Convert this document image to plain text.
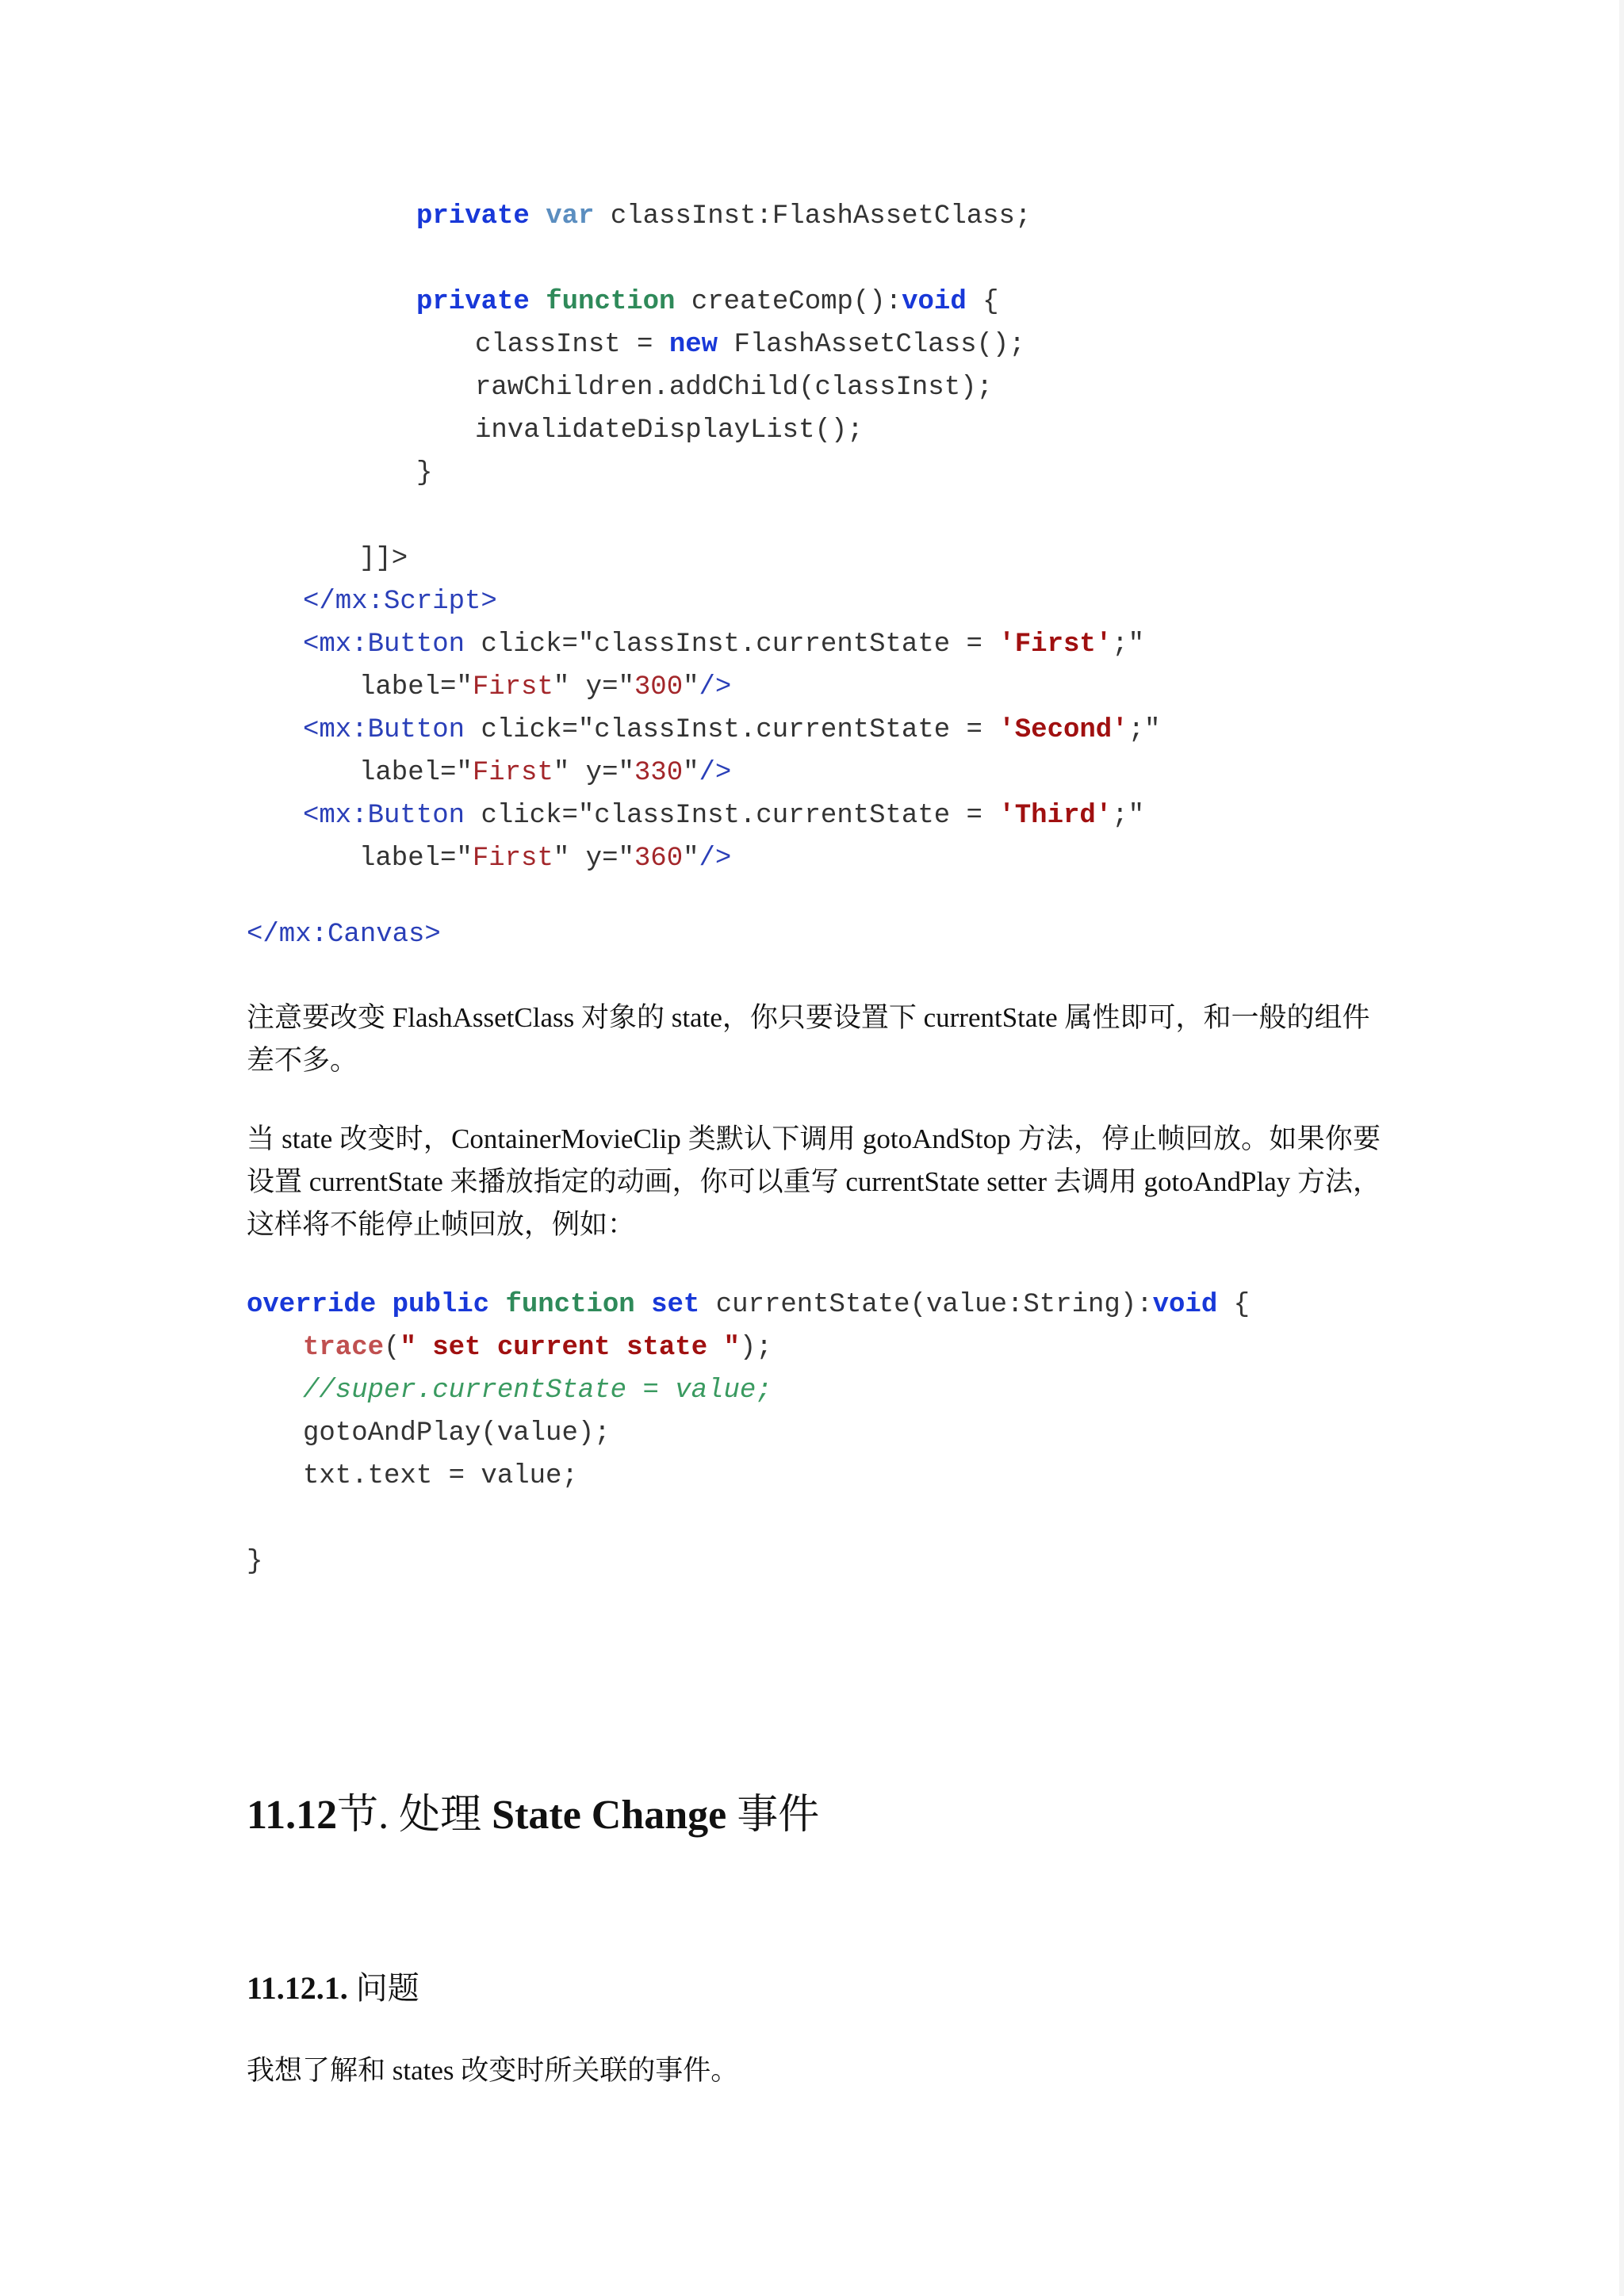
private var classInst:FlashAssetClass;

private function createComp():void {
classInst = new FlashAssetClass();
rawChildren.addChild(classInst);
invalidateDisplayList();
}

]]>
</mx:Script>
<mx:Button click="classInst.currentState = 'First';"
label="First" y="300"/>
<mx:Button click="classInst.currentState = 'Second';"
label="First" y="330"/>
<mx:Button click="classInst.currentState = 'Third';"
label="First" y="360"/>
</mx:Canvas>

注意要改变 FlashAssetClass 对象的 state，你只要设置下 currentState 属性即可，和一般的组件差不多。

当 state 改变时，ContainerMovieClip 类默认下调用 gotoAndStop 方法，停止帧回放。如果你要设置 currentState 来播放指定的动画，你可以重写 currentState setter 去调用 gotoAndPlay 方法，这样将不能停止帧回放，例如：

override public function set currentState(value:String):void {
trace(" set current state ");
//super.currentState = value;
gotoAndPlay(value);
txt.text = value;

}
11.12节. 处理 State Change 事件
11.12.1. 问题

我想了解和 states 改变时所关联的事件。
